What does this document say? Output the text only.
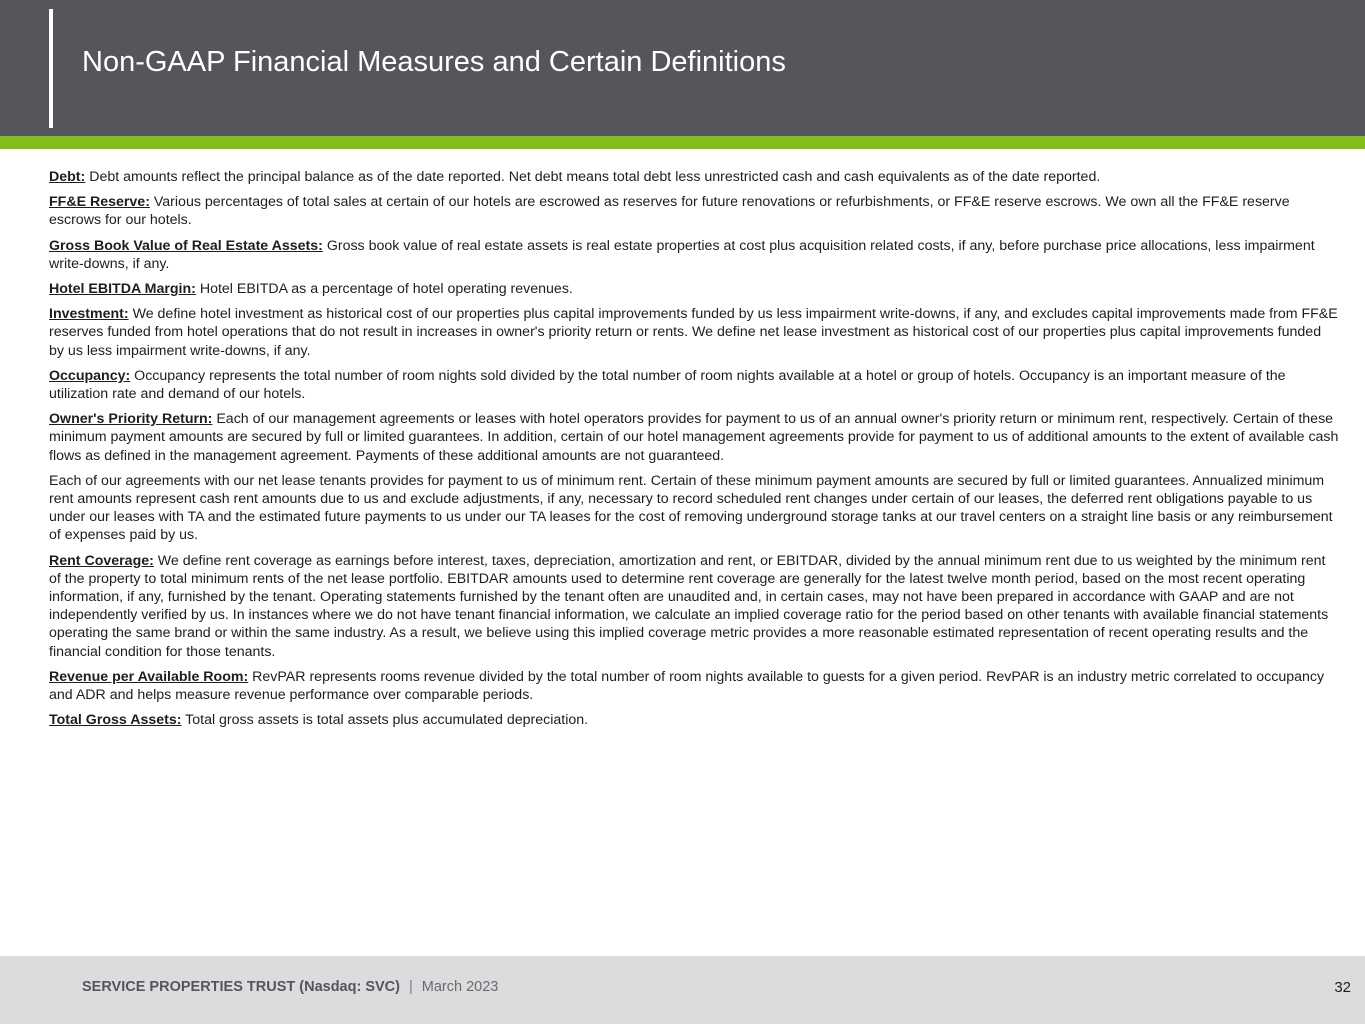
Non-GAAP Financial Measures and Certain Definitions

Debt: Debt amounts reflect the principal balance as of the date reported. Net debt means total debt less unrestricted cash and cash equivalents as of the date reported.

FF&E Reserve: Various percentages of total sales at certain of our hotels are escrowed as reserves for future renovations or refurbishments, or FF&E reserve escrows. We own all the FF&E reserve escrows for our hotels.

Gross Book Value of Real Estate Assets: Gross book value of real estate assets is real estate properties at cost plus acquisition related costs, if any, before purchase price allocations, less impairment write-downs, if any.

Hotel EBITDA Margin: Hotel EBITDA as a percentage of hotel operating revenues.

Investment: We define hotel investment as historical cost of our properties plus capital improvements funded by us less impairment write-downs, if any, and excludes capital improvements made from FF&E reserves funded from hotel operations that do not result in increases in owner's priority return or rents. We define net lease investment as historical cost of our properties plus capital improvements funded by us less impairment write-downs, if any.

Occupancy: Occupancy represents the total number of room nights sold divided by the total number of room nights available at a hotel or group of hotels. Occupancy is an important measure of the utilization rate and demand of our hotels.

Owner's Priority Return: Each of our management agreements or leases with hotel operators provides for payment to us of an annual owner's priority return or minimum rent, respectively. Certain of these minimum payment amounts are secured by full or limited guarantees. In addition, certain of our hotel management agreements provide for payment to us of additional amounts to the extent of available cash flows as defined in the management agreement. Payments of these additional amounts are not guaranteed.

Each of our agreements with our net lease tenants provides for payment to us of minimum rent. Certain of these minimum payment amounts are secured by full or limited guarantees. Annualized minimum rent amounts represent cash rent amounts due to us and exclude adjustments, if any, necessary to record scheduled rent changes under certain of our leases, the deferred rent obligations payable to us under our leases with TA and the estimated future payments to us under our TA leases for the cost of removing underground storage tanks at our travel centers on a straight line basis or any reimbursement of expenses paid by us.

Rent Coverage: We define rent coverage as earnings before interest, taxes, depreciation, amortization and rent, or EBITDAR, divided by the annual minimum rent due to us weighted by the minimum rent of the property to total minimum rents of the net lease portfolio. EBITDAR amounts used to determine rent coverage are generally for the latest twelve month period, based on the most recent operating information, if any, furnished by the tenant. Operating statements furnished by the tenant often are unaudited and, in certain cases, may not have been prepared in accordance with GAAP and are not independently verified by us. In instances where we do not have tenant financial information, we calculate an implied coverage ratio for the period based on other tenants with available financial statements operating the same brand or within the same industry. As a result, we believe using this implied coverage metric provides a more reasonable estimated representation of recent operating results and the financial condition for those tenants.

Revenue per Available Room: RevPAR represents rooms revenue divided by the total number of room nights available to guests for a given period. RevPAR is an industry metric correlated to occupancy and ADR and helps measure revenue performance over comparable periods.

Total Gross Assets: Total gross assets is total assets plus accumulated depreciation.

SERVICE PROPERTIES TRUST (Nasdaq: SVC) | March 2023	32
